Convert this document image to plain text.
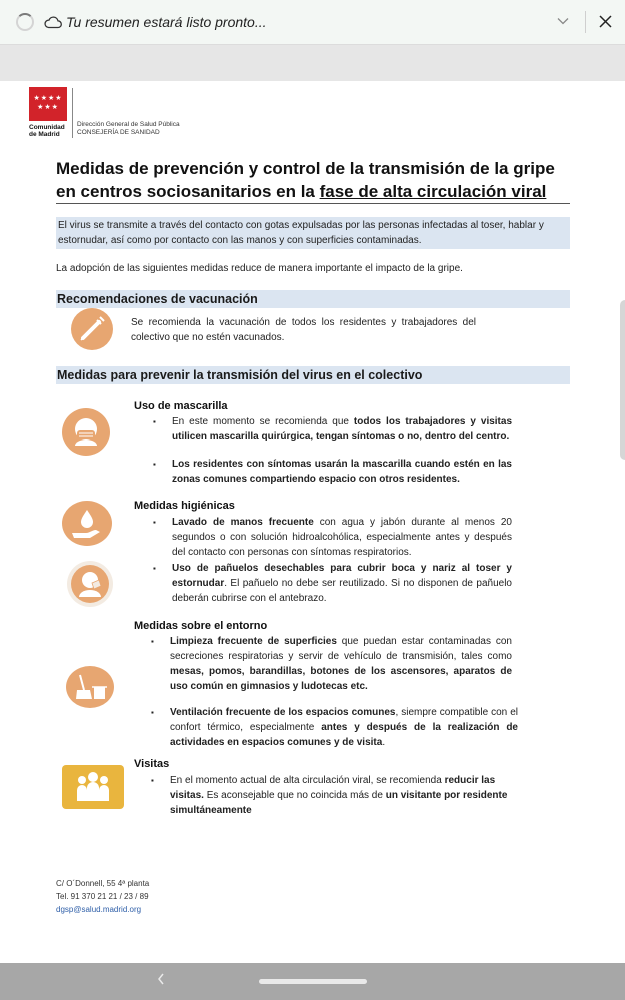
Tu resumen estará listo pronto...
★★★★
★★★
Comunidad
de Madrid
Dirección General de Salud Pública
CONSEJERÍA DE SANIDAD
Medidas de prevención y control de la transmisión de la gripe en centros sociosanitarios en la fase de alta circulación viral
El virus se transmite a través del contacto con gotas expulsadas por las personas infectadas al toser, hablar y estornudar, así como por contacto con las manos y con superficies contaminadas.
La adopción de las siguientes medidas reduce de manera importante el impacto de la gripe.
Recomendaciones de vacunación
Se recomienda la vacunación de todos los residentes y trabajadores del colectivo que no estén vacunados.
Medidas para prevenir la transmisión del virus en el colectivo
Uso de mascarilla
▪ En este momento se recomienda que todos los trabajadores y visitas utilicen mascarilla quirúrgica, tengan síntomas o no, dentro del centro.
▪ Los residentes con síntomas usarán la mascarilla cuando estén en las zonas comunes compartiendo espacio con otros residentes.
Medidas higiénicas
▪ Lavado de manos frecuente con agua y jabón durante al menos 20 segundos o con solución hidroalcohólica, especialmente antes y después del contacto con personas con síntomas respiratorios.
▪ Uso de pañuelos desechables para cubrir boca y nariz al toser y estornudar. El pañuelo no debe ser reutilizado. Si no disponen de pañuelo deberán cubrirse con el antebrazo.
Medidas sobre el entorno
▪ Limpieza frecuente de superficies que puedan estar contaminadas con secreciones respiratorias y servir de vehículo de transmisión, tales como mesas, pomos, barandillas, botones de los ascensores, aparatos de uso común en gimnasios y ludotecas etc.
▪ Ventilación frecuente de los espacios comunes, siempre compatible con el confort térmico, especialmente antes y después de la realización de actividades en espacios comunes y de visita.
Visitas
▪ En el momento actual de alta circulación viral, se recomienda reducir las visitas. Es aconsejable que no coincida más de un visitante por residente simultáneamente
C/ O´Donnell, 55 4ª planta
Tel. 91 370 21 21 / 23 / 89
dgsp@salud.madrid.org
